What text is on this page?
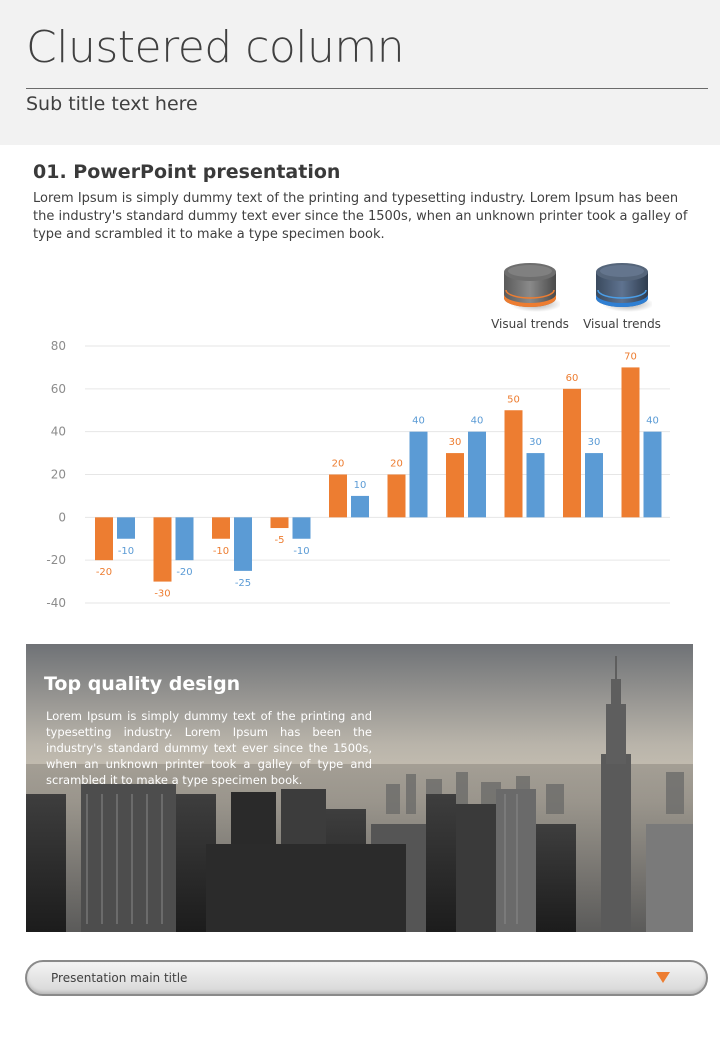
Clustered column
Sub title text here
01. PowerPoint presentation
Lorem Ipsum is simply dummy text of the printing and typesetting industry. Lorem Ipsum has been the industry's standard dummy text ever since the 1500s, when an unknown printer took a galley of type and scrambled it to make a type specimen book.
Visual trends	Visual trends
80
60
40
20
0
-20
-40
-20
-30
-10
-5
20	20
30
50
60
70
-10
-20
-25
-10
10
40	40
30	30
40
Top quality design
Lorem Ipsum is simply dummy text of the printing and typesetting industry. Lorem Ipsum has been the industry's standard dummy text ever since the 1500s, when an unknown printer took a galley of type and scrambled it to make a type specimen book.
Presentation main title
